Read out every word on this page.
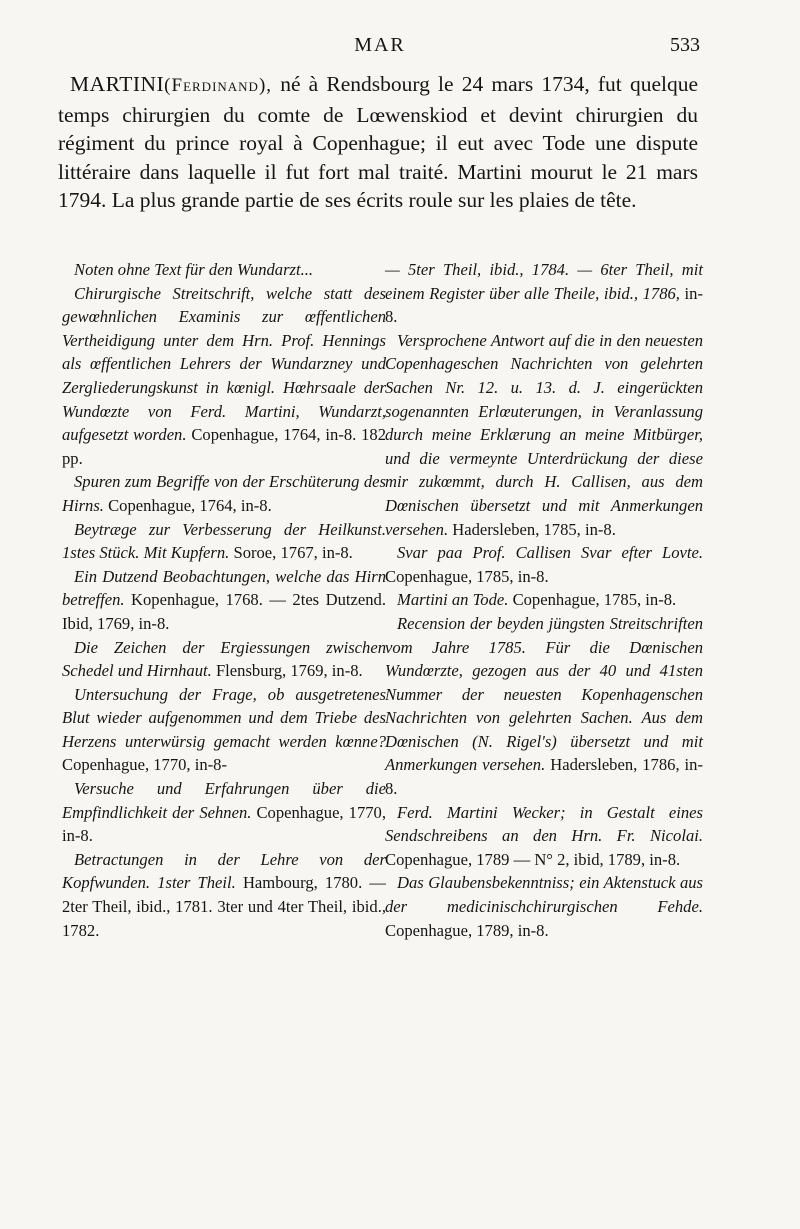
MAR	533

MARTINI(Ferdinand), né à Rendsbourg le 24 mars 1734, fut quelque temps chirurgien du comte de Lœwenskiod et devint chirurgien du régiment du prince royal à Copenhague; il eut avec Tode une dispute littéraire dans laquelle il fut fort mal traité. Martini mourut le 21 mars 1794. La plus grande partie de ses écrits roule sur les plaies de tête.

Noten ohne Text für den Wundarzt...

Chirurgische Streitschrift, welche statt des gewœhnlichen Examinis zur œffentlichen Vertheidigung unter dem Hrn. Prof. Hennings als œffentlichen Lehrers der Wundarzney und Zergliederungskunst in kœnigl. Hœhrsaale der Wundœzte von Ferd. Martini, Wundarzt, aufgesetzt worden. Copenhague, 1764, in-8. 182 pp.

Spuren zum Begriffe von der Erschüterung des Hirns. Copenhague, 1764, in-8.

Beytræge zur Verbesserung der Heilkunst. 1stes Stück. Mit Kupfern. Soroe, 1767, in-8.

Ein Dutzend Beobachtungen, welche das Hirn betreffen. Kopenhague, 1768. — 2tes Dutzend. Ibid, 1769, in-8.

Die Zeichen der Ergiessungen zwischen Schedel und Hirnhaut. Flensburg, 1769, in-8.

Untersuchung der Frage, ob ausgetretenes Blut wieder aufgenommen und dem Triebe des Herzens unterwürsig gemacht werden kœnne? Copenhague, 1770, in-8-

Versuche und Erfahrungen über die Empfindlichkeit der Sehnen. Copenhague, 1770, in-8.

Betractungen in der Lehre von der Kopfwunden. 1ster Theil. Hambourg, 1780. — 2ter Theil, ibid., 1781. 3ter und 4ter Theil, ibid., 1782.

— 5ter Theil, ibid., 1784. — 6ter Theil, mit einem Register über alle Theile, ibid., 1786, in-8.

Versprochene Antwort auf die in den neuesten Copenhageschen Nachrichten von gelehrten Sachen Nr. 12. u. 13. d. J. eingerückten sogenannten Erlœuterungen, in Veranlassung durch meine Erklærung an meine Mitbürger, und die vermeynte Unterdrückung der diese mir zukœmmt, durch H. Callisen, aus dem Dœnischen übersetzt und mit Anmerkungen versehen. Hadersleben, 1785, in-8.

Svar paa Prof. Callisen Svar efter Lovte. Copenhague, 1785, in-8.

Martini an Tode. Copenhague, 1785, in-8.

Recension der beyden jüngsten Streitschriften vom Jahre 1785. Für die Dœnischen Wundœrzte, gezogen aus der 40 und 41sten Nummer der neuesten Kopenhagenschen Nachrichten von gelehrten Sachen. Aus dem Dœnischen (N. Rigel's) übersetzt und mit Anmerkungen versehen. Hadersleben, 1786, in-8.

Ferd. Martini Wecker; in Gestalt eines Sendschreibens an den Hrn. Fr. Nicolai. Copenhague, 1789 — N° 2, ibid, 1789, in-8.

Das Glaubensbekenntniss; ein Aktenstuck aus der medicinischchirurgischen Fehde. Copenhague, 1789, in-8.
